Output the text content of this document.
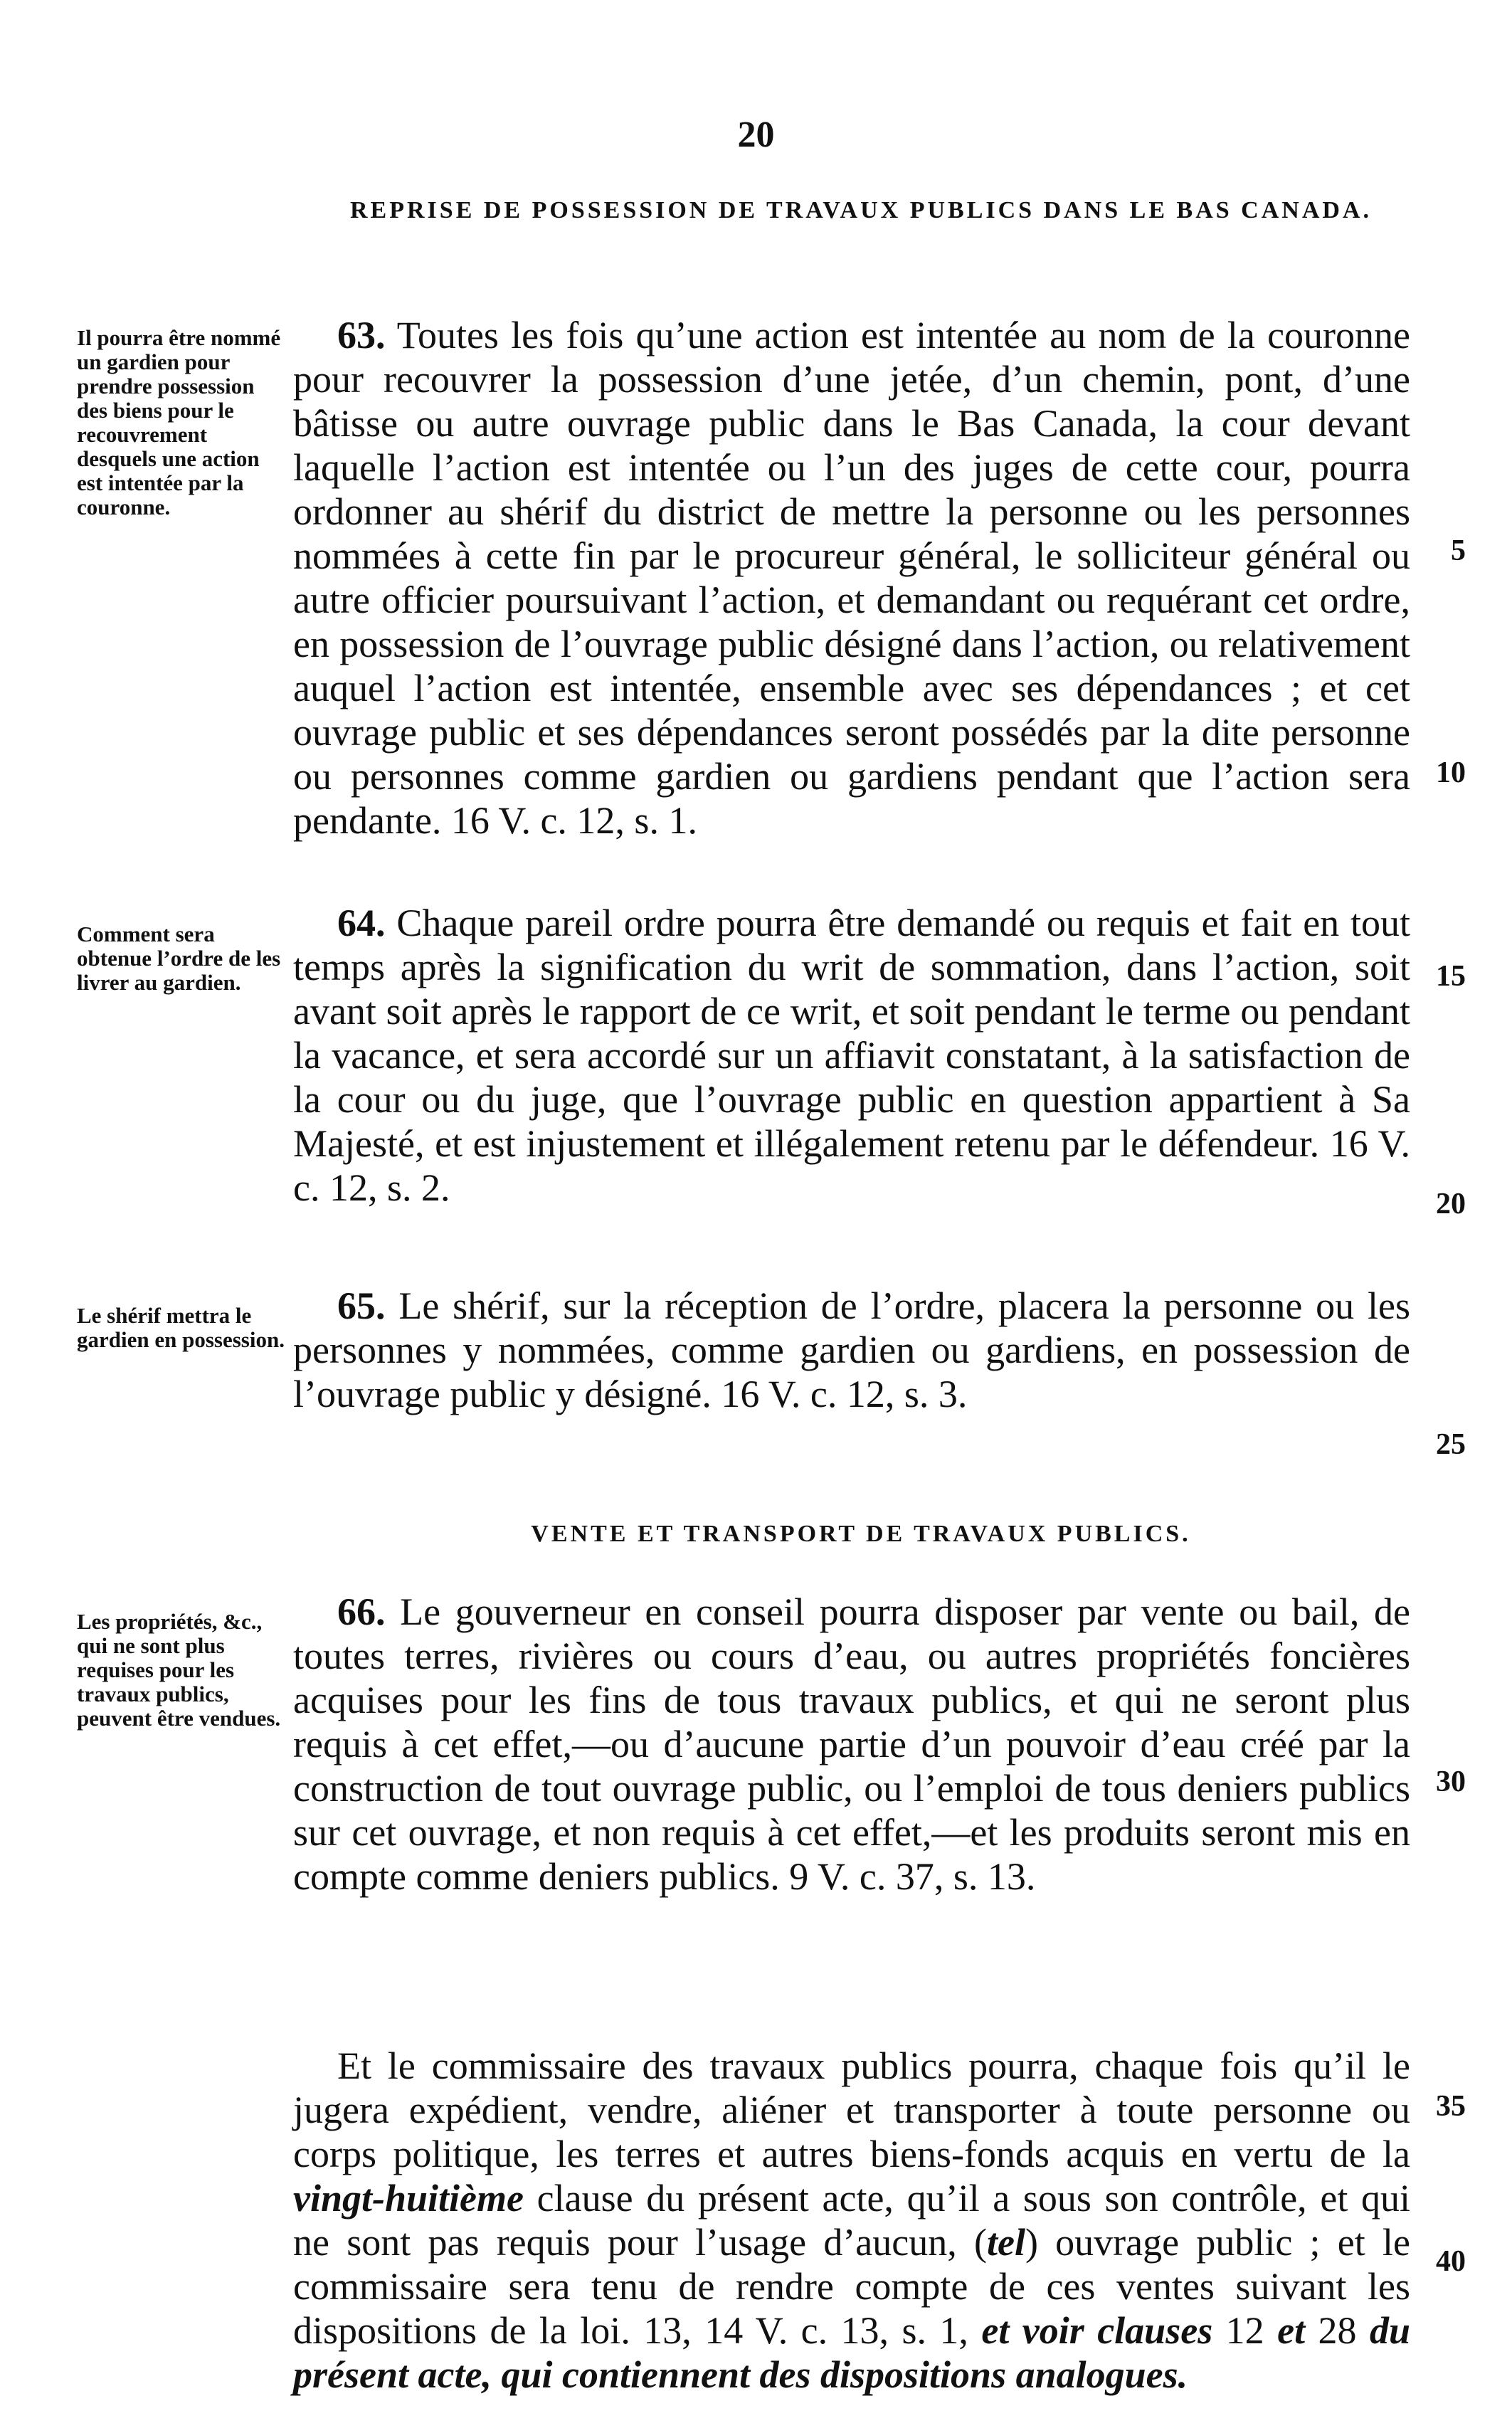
20
REPRISE DE POSSESSION DE TRAVAUX PUBLICS DANS LE BAS CANADA.
Il pourra être nommé un gardien pour prendre possession des biens pour le recouvrement desquels une action est intentée par la couronne.

63. Toutes les fois qu’une action est intentée au nom de la couronne pour recouvrer la possession d’une jetée, d’un chemin, pont, d’une bâtisse ou autre ouvrage public dans le Bas Canada, la cour devant laquelle l’action est intentée ou l’un des juges de cette cour, pourra ordonner au shérif du district de mettre la personne ou les personnes nommées à cette fin par le procureur général, le solliciteur général ou autre officier poursuivant l’action, et demandant ou requérant cet ordre, en possession de l’ouvrage public désigné dans l’action, ou relativement auquel l’action est intentée, ensemble avec ses dépendances ; et cet ouvrage public et ses dépendances seront possédés par la dite personne ou personnes comme gardien ou gardiens pendant que l’action sera pendante. 16 V. c. 12, s. 1.

Comment sera obtenue l’ordre de les livrer au gardien.

64. Chaque pareil ordre pourra être demandé ou requis et fait en tout temps après la signification du writ de sommation, dans l’action, soit avant soit après le rapport de ce writ, et soit pendant le terme ou pendant la vacance, et sera accordé sur un affiavit constatant, à la satisfaction de la cour ou du juge, que l’ouvrage public en question appartient à Sa Majesté, et est injustement et illégalement retenu par le défendeur. 16 V. c. 12, s. 2.

Le shérif mettra le gardien en possession.

65. Le shérif, sur la réception de l’ordre, placera la personne ou les personnes y nommées, comme gardien ou gardiens, en possession de l’ouvrage public y désigné. 16 V. c. 12, s. 3.

VENTE ET TRANSPORT DE TRAVAUX PUBLICS.
Les propriétés, &c., qui ne sont plus requises pour les travaux publics, peuvent être vendues.

66. Le gouverneur en conseil pourra disposer par vente ou bail, de toutes terres, rivières ou cours d’eau, ou autres propriétés foncières acquises pour les fins de tous travaux publics, et qui ne seront plus requis à cet effet,—ou d’aucune partie d’un pouvoir d’eau créé par la construction de tout ouvrage public, ou l’emploi de tous deniers publics sur cet ouvrage, et non requis à cet effet,—et les produits seront mis en compte comme deniers publics. 9 V. c. 37, s. 13.

Et le commissaire des travaux publics pourra, chaque fois qu’il le jugera expédient, vendre, aliéner et transporter à toute personne ou corps politique, les terres et autres biens-fonds acquis en vertu de la vingt-huitième clause du présent acte, qu’il a sous son contrôle, et qui ne sont pas requis pour l’usage d’aucun, (tel) ouvrage public ; et le commissaire sera tenu de rendre compte de ces ventes suivant les dispositions de la loi. 13, 14 V. c. 13, s. 1, et voir clauses 12 et 28 du présent acte, qui contiennent des dispositions analogues.

5
10
15
20
25
30
35
40
